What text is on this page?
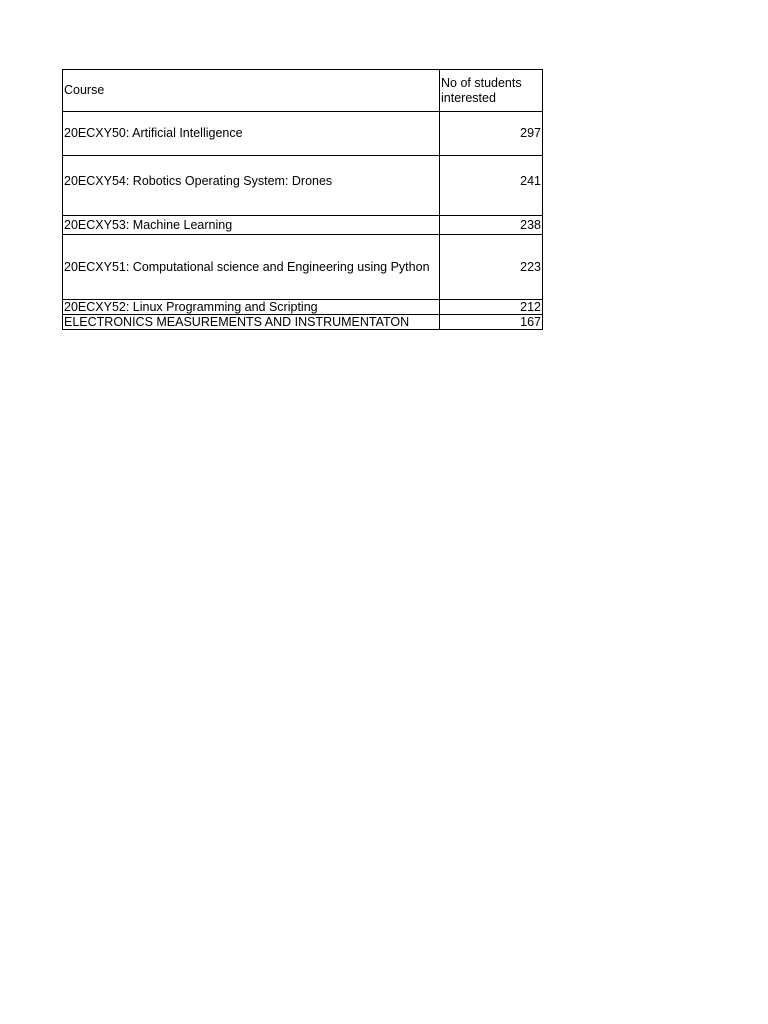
Course	No of students interested
20ECXY50: Artificial Intelligence	297
20ECXY54: Robotics Operating System: Drones	241
20ECXY53: Machine Learning	238
20ECXY51: Computational science and Engineering using Python	223
20ECXY52: Linux Programming and Scripting	212
ELECTRONICS MEASUREMENTS AND INSTRUMENTATON	167
